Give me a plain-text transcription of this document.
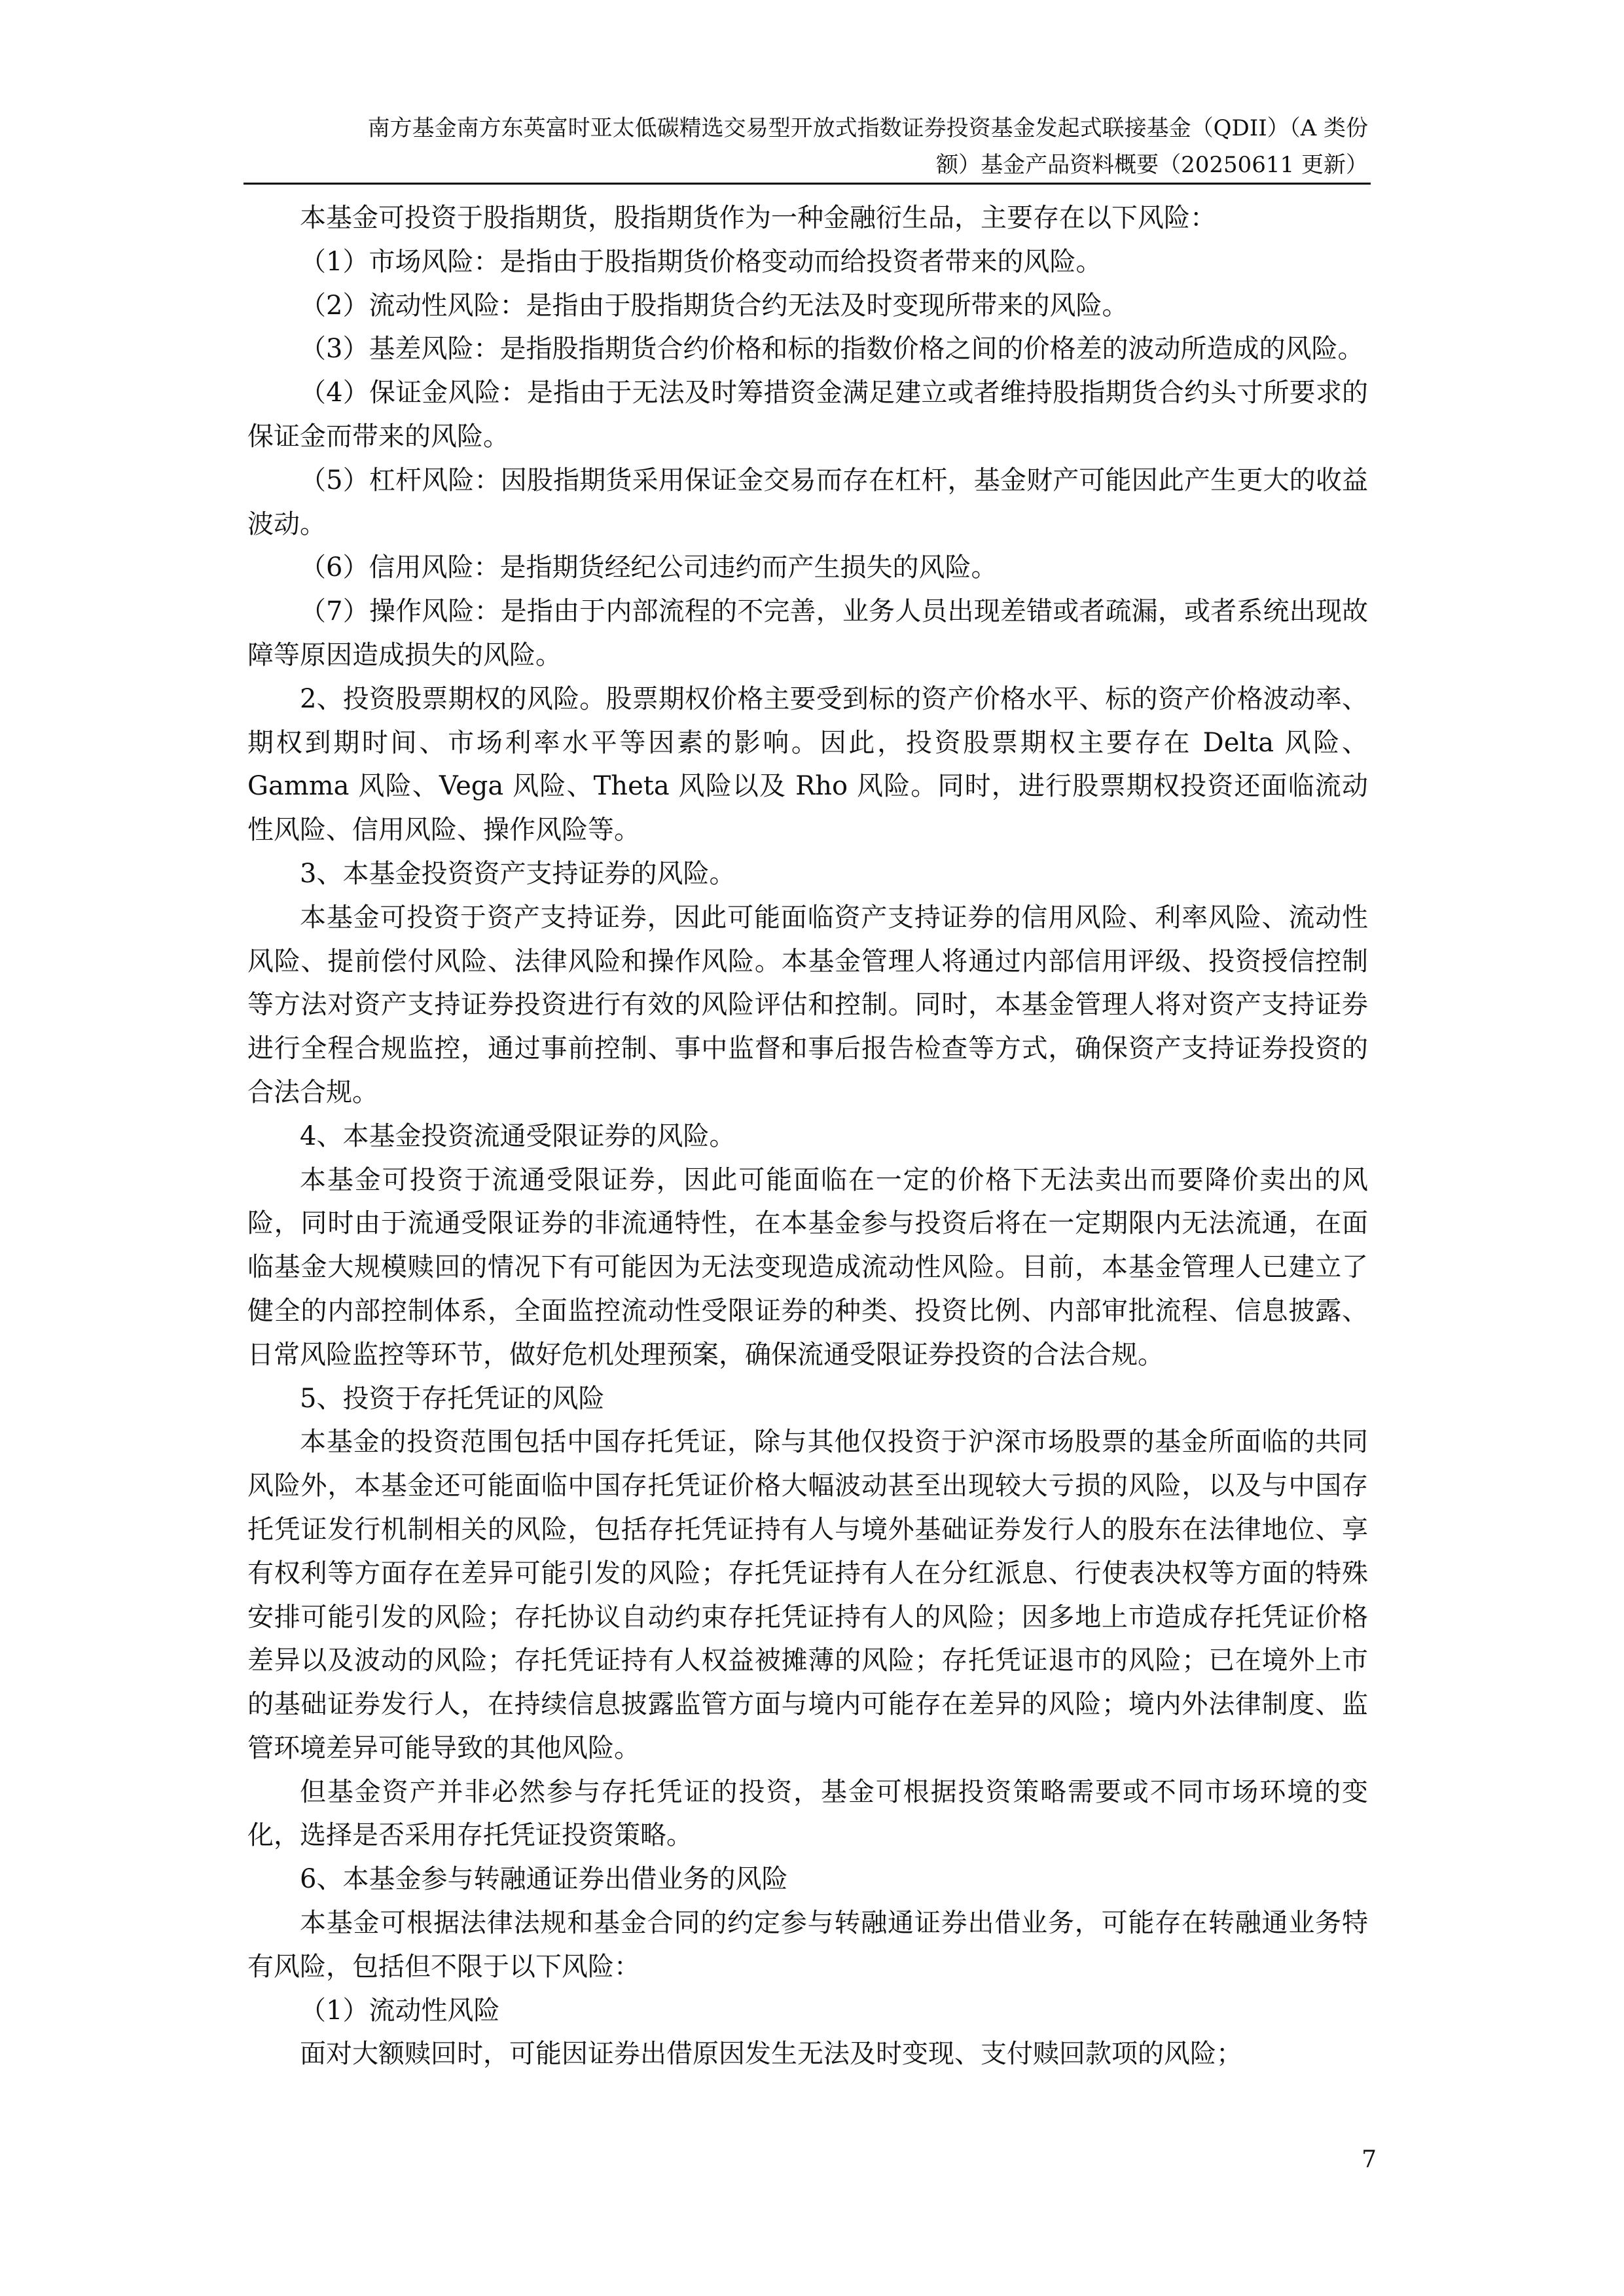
南方基金南方东英富时亚太低碳精选交易型开放式指数证券投资基金发起式联接基金（QDII）（A 类份
额）基金产品资料概要（20250611 更新）

本基金可投资于股指期货，股指期货作为一种金融衍生品，主要存在以下风险：

（1）市场风险：是指由于股指期货价格变动而给投资者带来的风险。

（2）流动性风险：是指由于股指期货合约无法及时变现所带来的风险。

（3）基差风险：是指股指期货合约价格和标的指数价格之间的价格差的波动所造成的风险。

（4）保证金风险：是指由于无法及时筹措资金满足建立或者维持股指期货合约头寸所要求的保证金而带来的风险。

（5）杠杆风险：因股指期货采用保证金交易而存在杠杆，基金财产可能因此产生更大的收益波动。

（6）信用风险：是指期货经纪公司违约而产生损失的风险。

（7）操作风险：是指由于内部流程的不完善，业务人员出现差错或者疏漏，或者系统出现故障等原因造成损失的风险。

2、投资股票期权的风险。股票期权价格主要受到标的资产价格水平、标的资产价格波动率、期权到期时间、市场利率水平等因素的影响。因此，投资股票期权主要存在 Delta 风险、Gamma 风险、Vega 风险、Theta 风险以及 Rho 风险。同时，进行股票期权投资还面临流动性风险、信用风险、操作风险等。

3、本基金投资资产支持证券的风险。

本基金可投资于资产支持证券，因此可能面临资产支持证券的信用风险、利率风险、流动性风险、提前偿付风险、法律风险和操作风险。本基金管理人将通过内部信用评级、投资授信控制等方法对资产支持证券投资进行有效的风险评估和控制。同时，本基金管理人将对资产支持证券进行全程合规监控，通过事前控制、事中监督和事后报告检查等方式，确保资产支持证券投资的合法合规。

4、本基金投资流通受限证券的风险。

本基金可投资于流通受限证券，因此可能面临在一定的价格下无法卖出而要降价卖出的风险，同时由于流通受限证券的非流通特性，在本基金参与投资后将在一定期限内无法流通，在面临基金大规模赎回的情况下有可能因为无法变现造成流动性风险。目前，本基金管理人已建立了健全的内部控制体系，全面监控流动性受限证券的种类、投资比例、内部审批流程、信息披露、日常风险监控等环节，做好危机处理预案，确保流通受限证券投资的合法合规。

5、投资于存托凭证的风险

本基金的投资范围包括中国存托凭证，除与其他仅投资于沪深市场股票的基金所面临的共同风险外，本基金还可能面临中国存托凭证价格大幅波动甚至出现较大亏损的风险，以及与中国存托凭证发行机制相关的风险，包括存托凭证持有人与境外基础证券发行人的股东在法律地位、享有权利等方面存在差异可能引发的风险；存托凭证持有人在分红派息、行使表决权等方面的特殊安排可能引发的风险；存托协议自动约束存托凭证持有人的风险；因多地上市造成存托凭证价格差异以及波动的风险；存托凭证持有人权益被摊薄的风险；存托凭证退市的风险；已在境外上市的基础证券发行人，在持续信息披露监管方面与境内可能存在差异的风险；境内外法律制度、监管环境差异可能导致的其他风险。

但基金资产并非必然参与存托凭证的投资，基金可根据投资策略需要或不同市场环境的变化，选择是否采用存托凭证投资策略。

6、本基金参与转融通证券出借业务的风险

本基金可根据法律法规和基金合同的约定参与转融通证券出借业务，可能存在转融通业务特有风险，包括但不限于以下风险：

（1）流动性风险

面对大额赎回时，可能因证券出借原因发生无法及时变现、支付赎回款项的风险；

7
